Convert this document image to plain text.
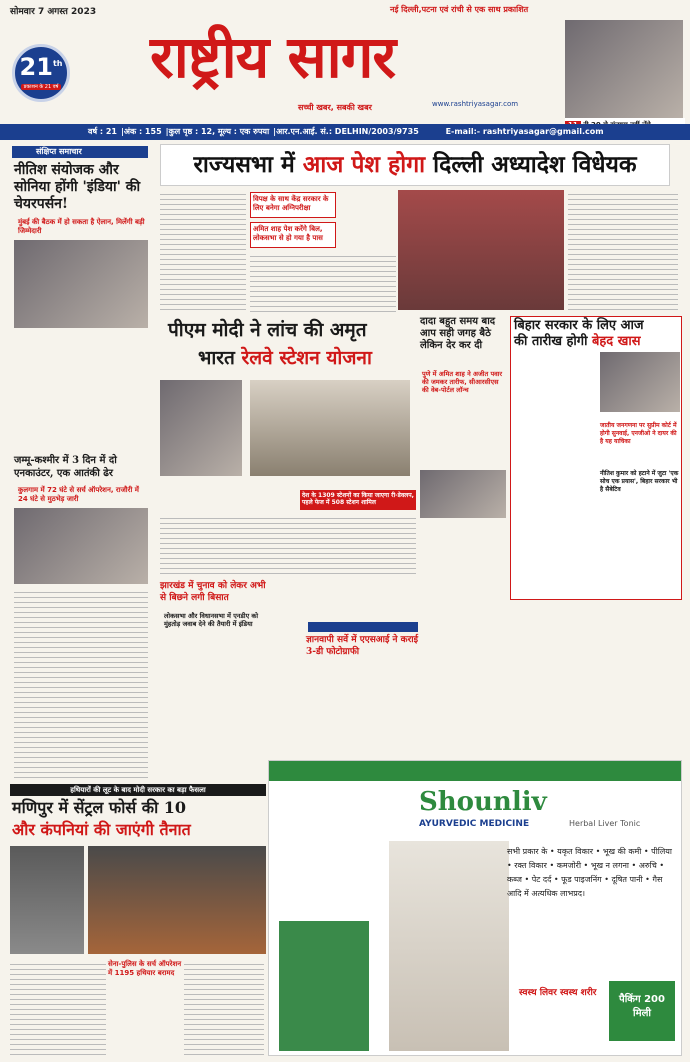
सोमवार 7 अगस्त 2023	नई दिल्ली,पटना एवं रांची से एक साथ प्रकाशित
21th
प्रकाशन के 21 वर्ष राष्ट्रीय सागर
सच्ची खबर, सबकी खबर	www.rashtriyasagar.com
वर्ष : 21 |अंक : 155 |कुल पृष्ठ : 12, मूल्य : एक रुपया |आर.एन.आई. सं.: DELHIN/2003/9735	E-mail:- rashtriyasagar@gmail.com
संक्षिप्त समाचार
नीतिश संयोजक और सोनिया होंगी 'इंडिया' की चेयरपर्सन!
मुंबई की बैठक में हो सकता है ऐलान, मिलेंगी बड़ी जिम्मेदारी
जम्मू-कश्मीर में 3 दिन में दो एनकाउंटर, एक आतंकी ढेर
कुलगाम में 72 घंटे से सर्च ऑपरेशन, राजौरी में 24 घंटे से मुठभेड़ जारी
राज्यसभा में आज पेश होगा दिल्ली अध्यादेश विधेयक
विपक्ष के साथ केंद्र सरकार के लिए बनेगा अग्निपरीक्षा
अमित शाह पेश करेंगे बिल, लोकसभा से हो गया है पास
पीएम मोदी ने लांच की अमृत
भारत रेलवे स्टेशन योजना
देश के 1309 स्टेशनों का किया जाएगा री-डेवलप, पहले फेज में 508 स्टेशन शामिल
दादा बहुत समय बाद आप सही जगह बैठे लेकिन देर कर दी
पुणे में अमित शाह ने अजीत पवार की जमकर तारीफ, सीआरसीएस की वेब-पोर्टल लॉन्च
बिहार सरकार के लिए आज
की तारीख होगी बेहद खास
जातीय जनगणना पर सुप्रीम कोर्ट में होगी सुनवाई, एनजीओ ने दायर की है यह याचिका
नीतिश कुमार को हटाने में जुटा 'एक सोच एक प्रयास', बिहार सरकार भी है सैबेटिव
झारखंड में चुनाव को लेकर अभी से बिछने लगी बिसात
लोकसभा और विधानसभा में एनडीए को मुंहतोड़ जवाब देने की तैयारी में इंडिया
ज्ञानवापी सर्वे में एएसआई ने कराई 3-डी फोटोग्राफी
Shounliv
AYURVEDIC MEDICINE	Herbal Liver Tonic
सभी प्रकार के • यकृत विकार • भूख की कमी • पीलिया • रक्त विकार • कमजोरी • भूख न लगना • अरुचि • कब्ज • पेट दर्द • फूड पाइजनिंग • दूषित पानी • गैस आदि में अत्यधिक लाभप्रद।
स्वस्थ लिवर स्वस्थ शरीर
पैकिंग 200 मिली
हथियारों की लूट के बाद मोदी सरकार का बड़ा फैसला
मणिपुर में सेंट्रल फोर्स की 10
और कंपनियां की जाएंगी तैनात
सेना-पुलिस के सर्च ऑपरेशन में 1195 हथियार बरामद
